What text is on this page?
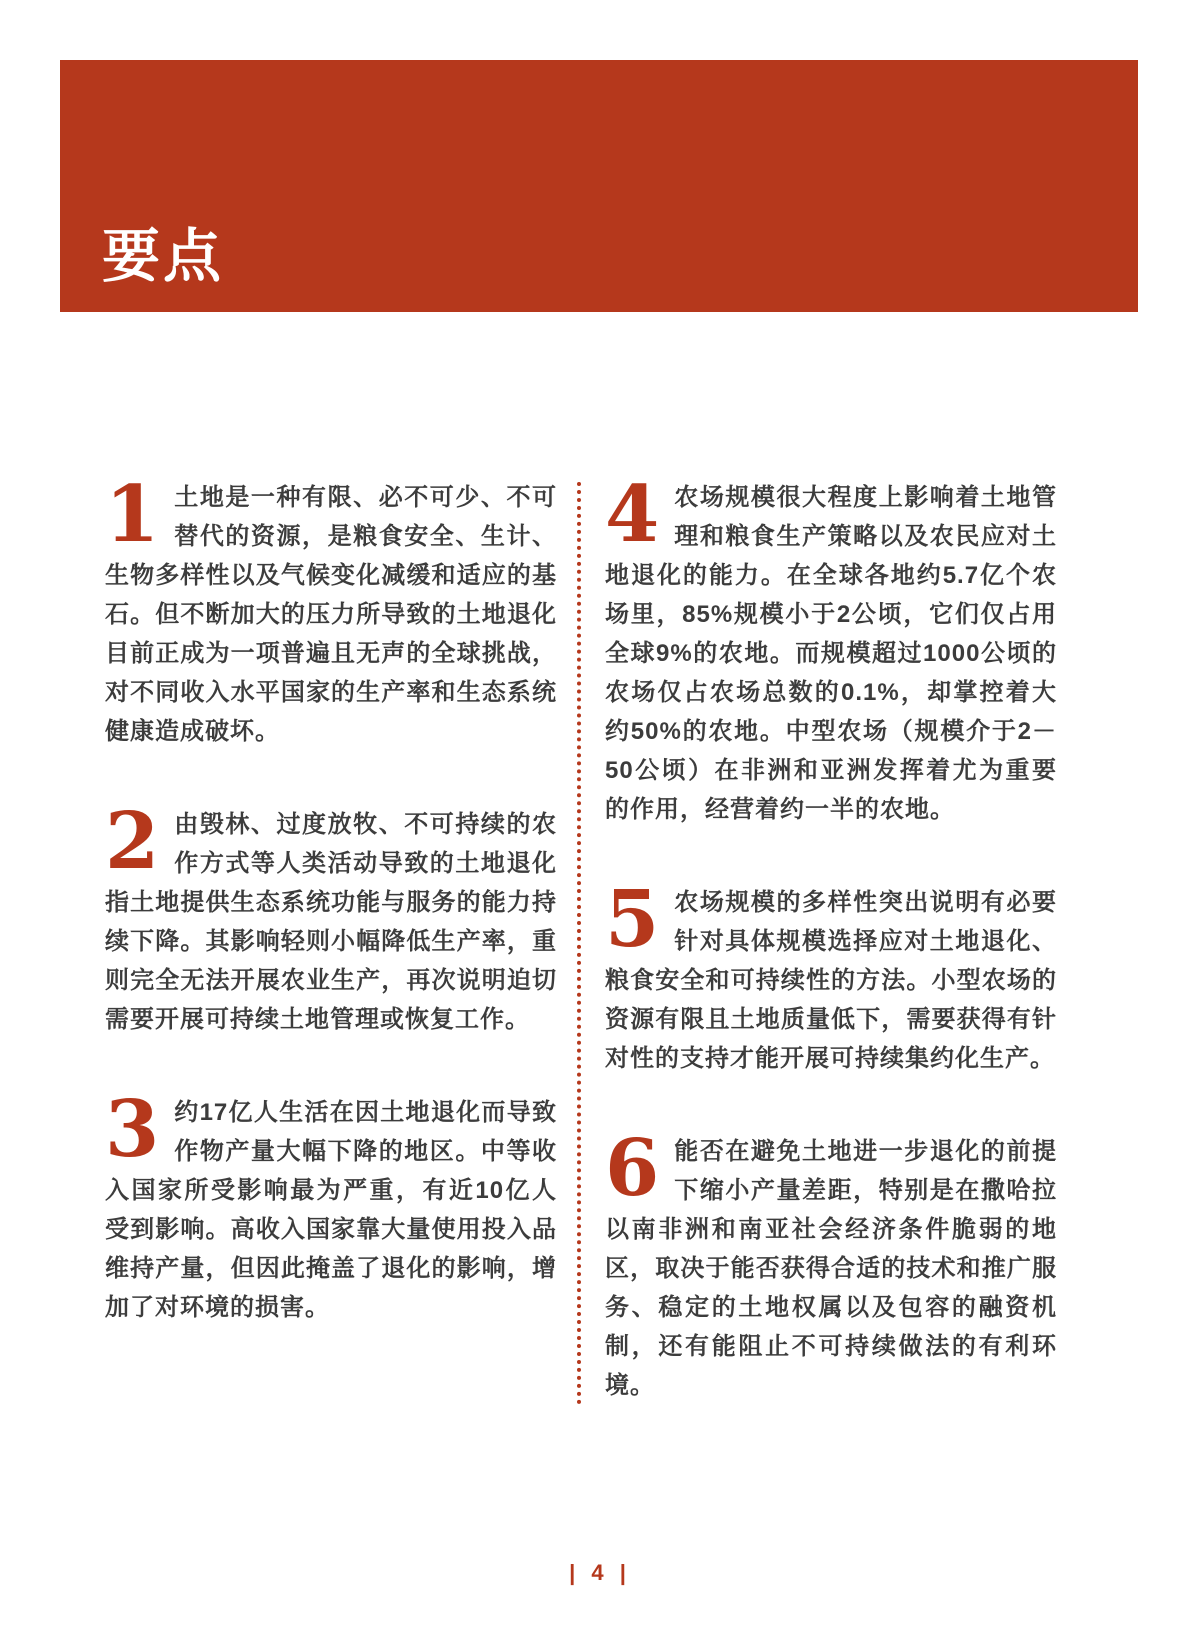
要点
1 土地是一种有限、必不可少、不可替代的资源，是粮食安全、生计、生物多样性以及气候变化减缓和适应的基石。但不断加大的压力所导致的土地退化目前正成为一项普遍且无声的全球挑战，对不同收入水平国家的生产率和生态系统健康造成破坏。
2 由毁林、过度放牧、不可持续的农作方式等人类活动导致的土地退化指土地提供生态系统功能与服务的能力持续下降。其影响轻则小幅降低生产率，重则完全无法开展农业生产，再次说明迫切需要开展可持续土地管理或恢复工作。
3 约17亿人生活在因土地退化而导致作物产量大幅下降的地区。中等收入国家所受影响最为严重，有近10亿人受到影响。高收入国家靠大量使用投入品维持产量，但因此掩盖了退化的影响，增加了对环境的损害。
4 农场规模很大程度上影响着土地管理和粮食生产策略以及农民应对土地退化的能力。在全球各地约5.7亿个农场里，85%规模小于2公顷，它们仅占用全球9%的农地。而规模超过1000公顷的农场仅占农场总数的0.1%，却掌控着大约50%的农地。中型农场（规模介于2－50公顷）在非洲和亚洲发挥着尤为重要的作用，经营着约一半的农地。
5 农场规模的多样性突出说明有必要针对具体规模选择应对土地退化、粮食安全和可持续性的方法。小型农场的资源有限且土地质量低下，需要获得有针对性的支持才能开展可持续集约化生产。
6 能否在避免土地进一步退化的前提下缩小产量差距，特别是在撒哈拉以南非洲和南亚社会经济条件脆弱的地区，取决于能否获得合适的技术和推广服务、稳定的土地权属以及包容的融资机制，还有能阻止不可持续做法的有利环境。
| 4 |
